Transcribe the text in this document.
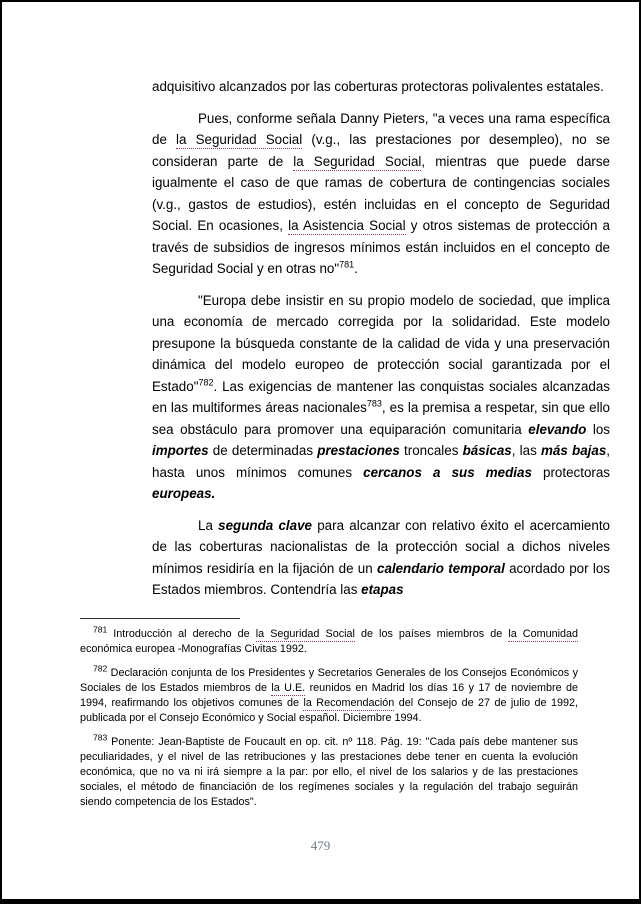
adquisitivo alcanzados por las coberturas protectoras polivalentes estatales.

Pues, conforme señala Danny Pieters, "a veces una rama específica de la Seguridad Social (v.g., las prestaciones por desempleo), no se consideran parte de la Seguridad Social, mientras que puede darse igualmente el caso de que ramas de cobertura de contingencias sociales (v.g., gastos de estudios), estén incluidas en el concepto de Seguridad Social. En ocasiones, la Asistencia Social y otros sistemas de protección a través de subsidios de ingresos mínimos están incluidos en el concepto de Seguridad Social y en otras no"$^{781}$.

"Europa debe insistir en su propio modelo de sociedad, que implica una economía de mercado corregida por la solidaridad. Este modelo presupone la búsqueda constante de la calidad de vida y una preservación dinámica del modelo europeo de protección social garantizada por el Estado"$^{782}$. Las exigencias de mantener las conquistas sociales alcanzadas en las multiformes áreas nacionales$^{783}$, es la premisa a respetar, sin que ello sea obstáculo para promover una equiparación comunitaria elevando los importes de determinadas prestaciones troncales básicas, las más bajas, hasta unos mínimos comunes cercanos a sus medias protectoras europeas.

La segunda clave para alcanzar con relativo éxito el acercamiento de las coberturas nacionalistas de la protección social a dichos niveles mínimos residiría en la fijación de un calendario temporal acordado por los Estados miembros. Contendría las etapas

$^{781}$ Introducción al derecho de la Seguridad Social de los países miembros de la Comunidad económica europea -Monografías Civitas 1992.

$^{782}$ Declaración conjunta de los Presidentes y Secretarios Generales de los Consejos Económicos y Sociales de los Estados miembros de la U.E. reunidos en Madrid los días 16 y 17 de noviembre de 1994, reafirmando los objetivos comunes de la Recomendación del Consejo de 27 de julio de 1992, publicada por el Consejo Económico y Social español. Diciembre 1994.

$^{783}$ Ponente: Jean-Baptiste de Foucault en op. cit. nº 118. Pág. 19: "Cada país debe mantener sus peculiaridades, y el nivel de las retribuciones y las prestaciones debe tener en cuenta la evolución económica, que no va ni irá siempre a la par: por ello, el nivel de los salarios y de las prestaciones sociales, el método de financiación de los regímenes sociales y la regulación del trabajo seguirán siendo competencia de los Estados".

479
